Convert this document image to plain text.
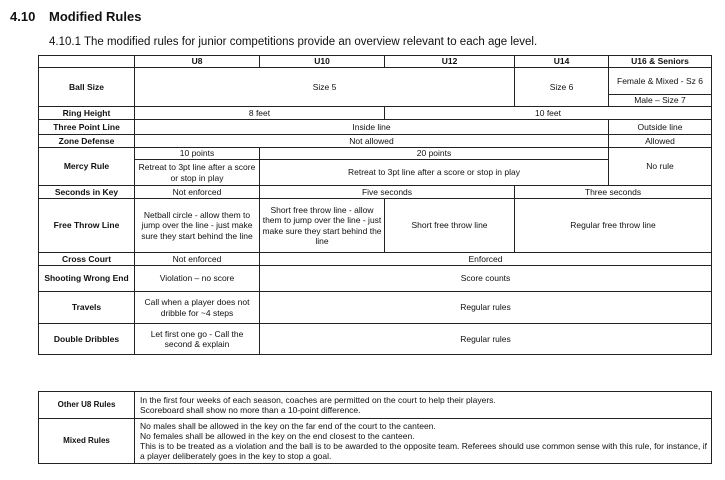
4.10 Modified Rules
4.10.1 The modified rules for junior competitions provide an overview relevant to each age level.
	U8	U10	U12	U14	U16 & Seniors
Ball Size	Size 5			Size 6	Female & Mixed - Sz 6
					Male – Size 7
Ring Height	8 feet		10 feet		
Three Point Line	Inside line				Outside line
Zone Defense	Not allowed				Allowed
Mercy Rule	10 points	20 points			No rule
	Retreat to 3pt line after a score or stop in play	Retreat to 3pt line after a score or stop in play			
Seconds in Key	Not enforced	Five seconds		Three seconds	
Free Throw Line	Netball circle - allow them to jump over the line - just make sure they start behind the line	Short free throw line - allow them to jump over the line - just make sure they start behind the line	Short free throw line	Regular free throw line	
Cross Court	Not enforced	Enforced			
Shooting Wrong End	Violation – no score	Score counts			
Travels	Call when a player does not dribble for ~4 steps	Regular rules			
Double Dribbles	Let first one go - Call the second & explain	Regular rules			
Other U8 Rules	In the first four weeks of each season, coaches are permitted on the court to help their players.
Scoreboard shall show no more than a 10-point difference.

Mixed Rules	No males shall be allowed in the key on the far end of the court to the canteen.
No females shall be allowed in the key on the end closest to the canteen.
This is to be treated as a violation and the ball is to be awarded to the opposite team. Referees should use common sense with this rule, for instance, if a player deliberately goes in the key to stop a goal.
